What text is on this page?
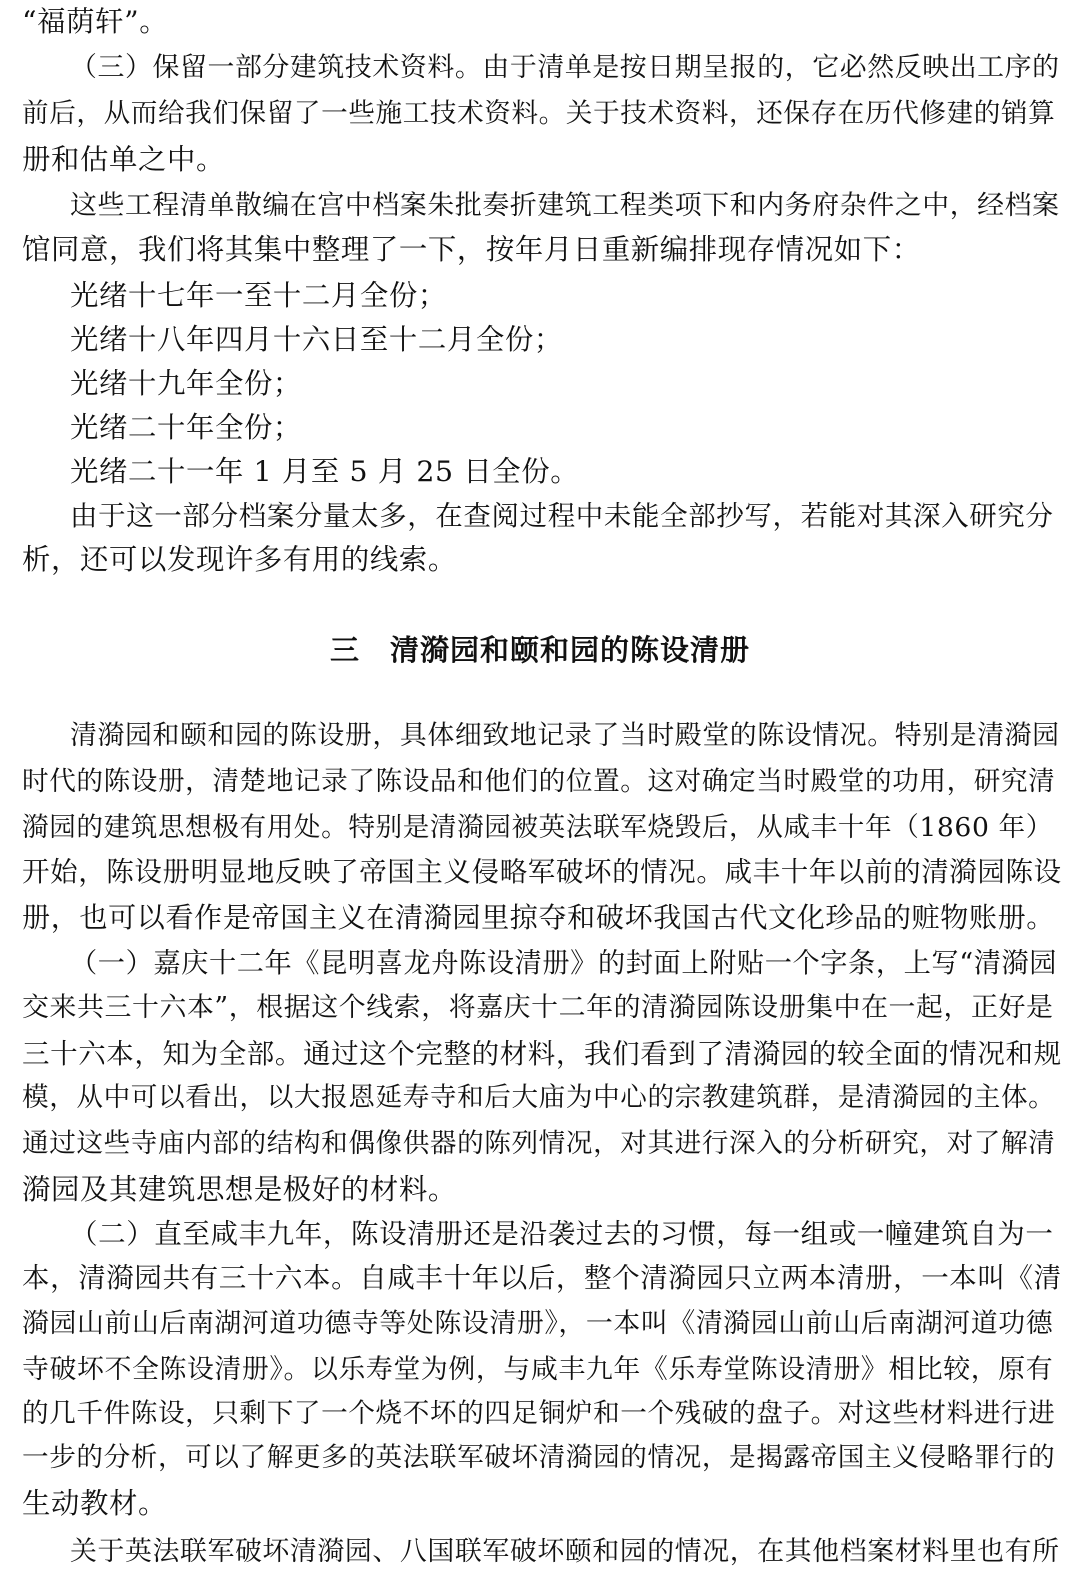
“福荫轩”。
（三）保留一部分建筑技术资料。由于清单是按日期呈报的，它必然反映出工序的
前后，从而给我们保留了一些施工技术资料。关于技术资料，还保存在历代修建的销算
册和估单之中。
这些工程清单散编在宫中档案朱批奏折建筑工程类项下和内务府杂件之中，经档案
馆同意，我们将其集中整理了一下，按年月日重新编排现存情况如下：
光绪十七年一至十二月全份；
光绪十八年四月十六日至十二月全份；
光绪十九年全份；
光绪二十年全份；
光绪二十一年 1 月至 5 月 25 日全份。
由于这一部分档案分量太多，在查阅过程中未能全部抄写，若能对其深入研究分
析，还可以发现许多有用的线索。
三　清漪园和颐和园的陈设清册
清漪园和颐和园的陈设册，具体细致地记录了当时殿堂的陈设情况。特别是清漪园
时代的陈设册，清楚地记录了陈设品和他们的位置。这对确定当时殿堂的功用，研究清
漪园的建筑思想极有用处。特别是清漪园被英法联军烧毁后，从咸丰十年（1860 年）
开始，陈设册明显地反映了帝国主义侵略军破坏的情况。咸丰十年以前的清漪园陈设
册，也可以看作是帝国主义在清漪园里掠夺和破坏我国古代文化珍品的赃物账册。
（一）嘉庆十二年《昆明喜龙舟陈设清册》的封面上附贴一个字条，上写“清漪园
交来共三十六本”，根据这个线索，将嘉庆十二年的清漪园陈设册集中在一起，正好是
三十六本，知为全部。通过这个完整的材料，我们看到了清漪园的较全面的情况和规
模，从中可以看出，以大报恩延寿寺和后大庙为中心的宗教建筑群，是清漪园的主体。
通过这些寺庙内部的结构和偶像供器的陈列情况，对其进行深入的分析研究，对了解清
漪园及其建筑思想是极好的材料。
（二）直至咸丰九年，陈设清册还是沿袭过去的习惯，每一组或一幢建筑自为一
本，清漪园共有三十六本。自咸丰十年以后，整个清漪园只立两本清册，一本叫《清
漪园山前山后南湖河道功德寺等处陈设清册》，一本叫《清漪园山前山后南湖河道功德
寺破坏不全陈设清册》。以乐寿堂为例，与咸丰九年《乐寿堂陈设清册》相比较，原有
的几千件陈设，只剩下了一个烧不坏的四足铜炉和一个残破的盘子。对这些材料进行进
一步的分析，可以了解更多的英法联军破坏清漪园的情况，是揭露帝国主义侵略罪行的
生动教材。
关于英法联军破坏清漪园、八国联军破坏颐和园的情况，在其他档案材料里也有所
